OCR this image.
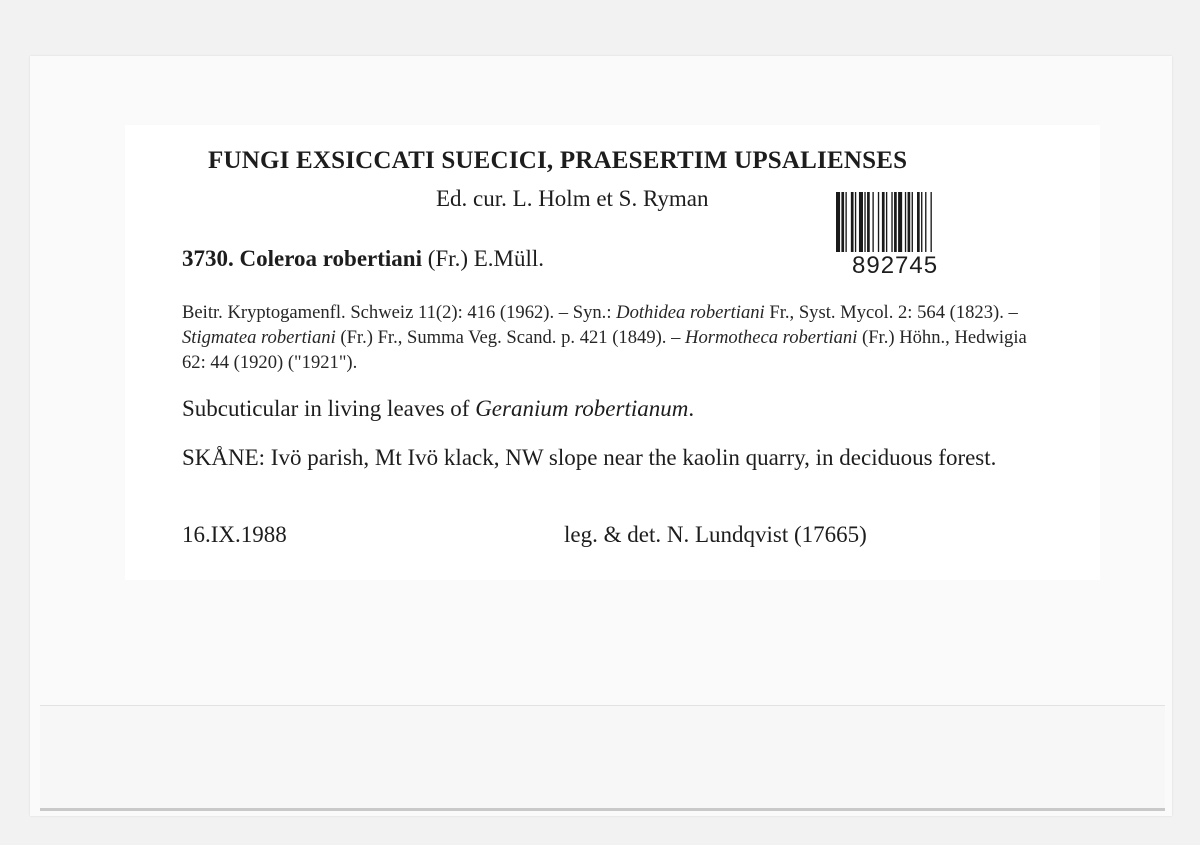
FUNGI EXSICCATI SUECICI, PRAESERTIM UPSALIENSES
Ed. cur. L. Holm et S. Ryman
892745
3730. Coleroa robertiani (Fr.) E.Müll.
Beitr. Kryptogamenfl. Schweiz 11(2): 416 (1962). – Syn.: Dothidea robertiani Fr., Syst. Mycol. 2: 564 (1823). – Stigmatea robertiani (Fr.) Fr., Summa Veg. Scand. p. 421 (1849). – Hormotheca robertiani (Fr.) Höhn., Hedwigia 62: 44 (1920) ("1921").
Subcuticular in living leaves of Geranium robertianum.
SKÅNE: Ivö parish, Mt Ivö klack, NW slope near the kaolin quarry, in deciduous forest.
16.IX.1988	leg. & det. N. Lundqvist (17665)
